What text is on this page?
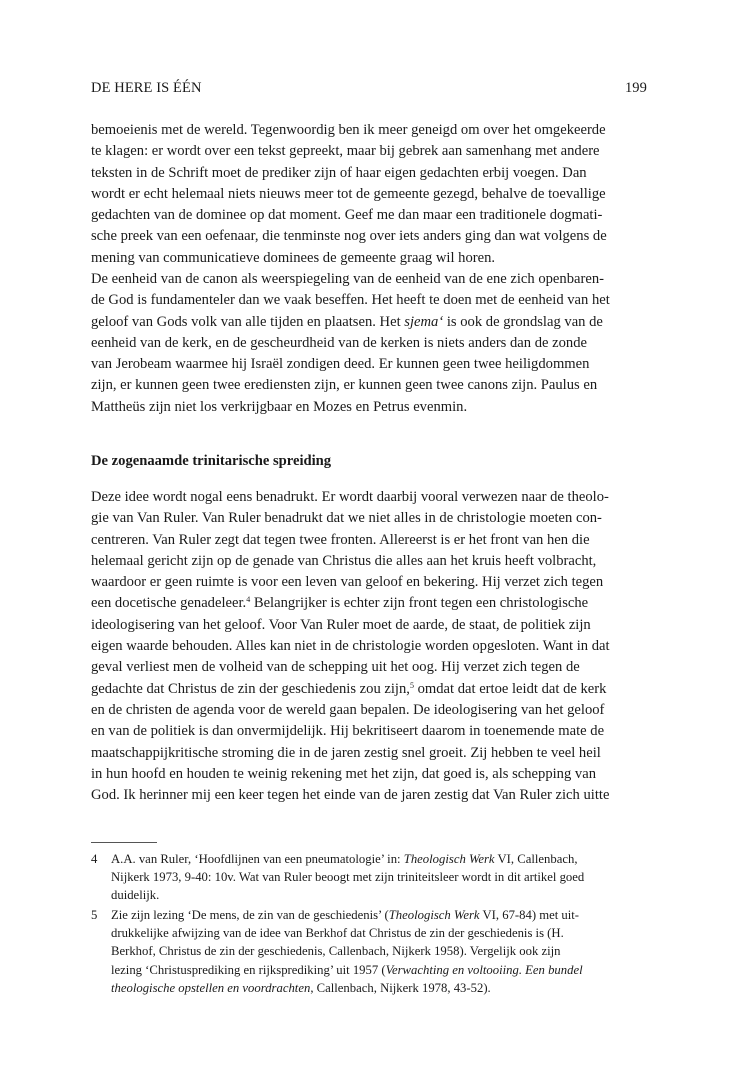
DE HERE IS ÉÉN	199

bemoeienis met de wereld. Tegenwoordig ben ik meer geneigd om over het omgekeerde
te klagen: er wordt over een tekst gepreekt, maar bij gebrek aan samenhang met andere
teksten in de Schrift moet de prediker zijn of haar eigen gedachten erbij voegen. Dan
wordt er echt helemaal niets nieuws meer tot de gemeente gezegd, behalve de toevallige
gedachten van de dominee op dat moment. Geef me dan maar een traditionele dogmati-
sche preek van een oefenaar, die tenminste nog over iets anders ging dan wat volgens de
mening van communicatieve dominees de gemeente graag wil horen.

De eenheid van de canon als weerspiegeling van de eenheid van de ene zich openbaren-
de God is fundamenteler dan we vaak beseffen. Het heeft te doen met de eenheid van het
geloof van Gods volk van alle tijden en plaatsen. Het sjema‘ is ook de grondslag van de
eenheid van de kerk, en de gescheurdheid van de kerken is niets anders dan de zonde
van Jerobeam waarmee hij Israël zondigen deed. Er kunnen geen twee heiligdommen
zijn, er kunnen geen twee erediensten zijn, er kunnen geen twee canons zijn. Paulus en
Mattheüs zijn niet los verkrijgbaar en Mozes en Petrus evenmin.

De zogenaamde trinitarische spreiding

Deze idee wordt nogal eens benadrukt. Er wordt daarbij vooral verwezen naar de theolo-
gie van Van Ruler. Van Ruler benadrukt dat we niet alles in de christologie moeten con-
centreren. Van Ruler zegt dat tegen twee fronten. Allereerst is er het front van hen die
helemaal gericht zijn op de genade van Christus die alles aan het kruis heeft volbracht,
waardoor er geen ruimte is voor een leven van geloof en bekering. Hij verzet zich tegen
een docetische genadeleer.$^4$ Belangrijker is echter zijn front tegen een christologische
ideologisering van het geloof. Voor Van Ruler moet de aarde, de staat, de politiek zijn
eigen waarde behouden. Alles kan niet in de christologie worden opgesloten. Want in dat
geval verliest men de volheid van de schepping uit het oog. Hij verzet zich tegen de
gedachte dat Christus de zin der geschiedenis zou zijn,$^5$ omdat dat ertoe leidt dat de kerk
en de christen de agenda voor de wereld gaan bepalen. De ideologisering van het geloof
en van de politiek is dan onvermijdelijk. Hij bekritiseert daarom in toenemende mate de
maatschappijkritische stroming die in de jaren zestig snel groeit. Zij hebben te veel heil
in hun hoofd en houden te weinig rekening met het zijn, dat goed is, als schepping van
God. Ik herinner mij een keer tegen het einde van de jaren zestig dat Van Ruler zich uitte

4	A.A. van Ruler, ‘Hoofdlijnen van een pneumatologie’ in: Theologisch Werk VI, Callenbach,
Nijkerk 1973, 9-40: 10v. Wat van Ruler beoogt met zijn triniteitsleer wordt in dit artikel goed
duidelijk.
5	Zie zijn lezing ‘De mens, de zin van de geschiedenis’ (Theologisch Werk VI, 67-84) met uit-
drukkelijke afwijzing van de idee van Berkhof dat Christus de zin der geschiedenis is (H.
Berkhof, Christus de zin der geschiedenis, Callenbach, Nijkerk 1958). Vergelijk ook zijn
lezing ‘Christusprediking en rijksprediking’ uit 1957 (Verwachting en voltooiing. Een bundel
theologische opstellen en voordrachten, Callenbach, Nijkerk 1978, 43-52).
